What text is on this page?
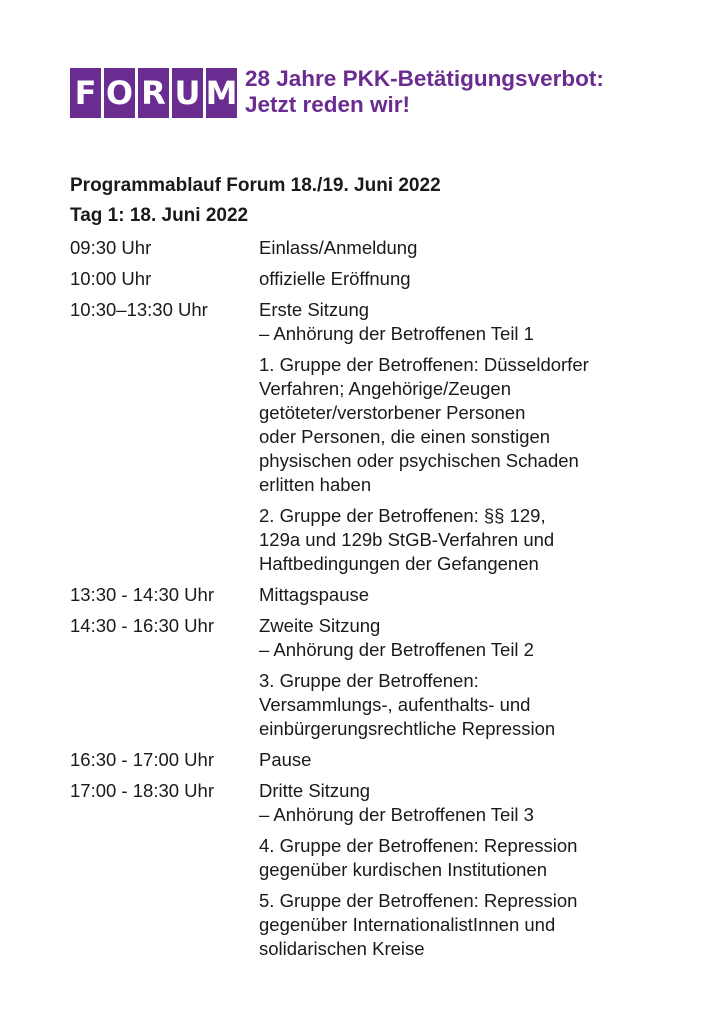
F O R U M 28 Jahre PKK-Betätigungsverbot:
Jetzt reden wir!
Programmablauf Forum 18./19. Juni 2022
Tag 1: 18. Juni 2022
09:30 Uhr	Einlass/Anmeldung
10:00 Uhr	offizielle Eröffnung
10:30–13:30 Uhr	Erste Sitzung
– Anhörung der Betroffenen Teil 1
1. Gruppe der Betroffenen: Düsseldorfer
Verfahren; Angehörige/Zeugen
getöteter/verstorbener Personen
oder Personen, die einen sonstigen
physischen oder psychischen Schaden
erlitten haben
2. Gruppe der Betroffenen: §§ 129,
129a und 129b StGB-Verfahren und
Haftbedingungen der Gefangenen
13:30 - 14:30 Uhr	Mittagspause
14:30 - 16:30 Uhr	Zweite Sitzung
– Anhörung der Betroffenen Teil 2
3. Gruppe der Betroffenen:
Versammlungs-, aufenthalts- und
einbürgerungsrechtliche Repression
16:30 - 17:00 Uhr	Pause
17:00 - 18:30 Uhr	Dritte Sitzung
– Anhörung der Betroffenen Teil 3
4. Gruppe der Betroffenen: Repression
gegenüber kurdischen Institutionen
5. Gruppe der Betroffenen: Repression
gegenüber InternationalistInnen und
solidarischen Kreise
